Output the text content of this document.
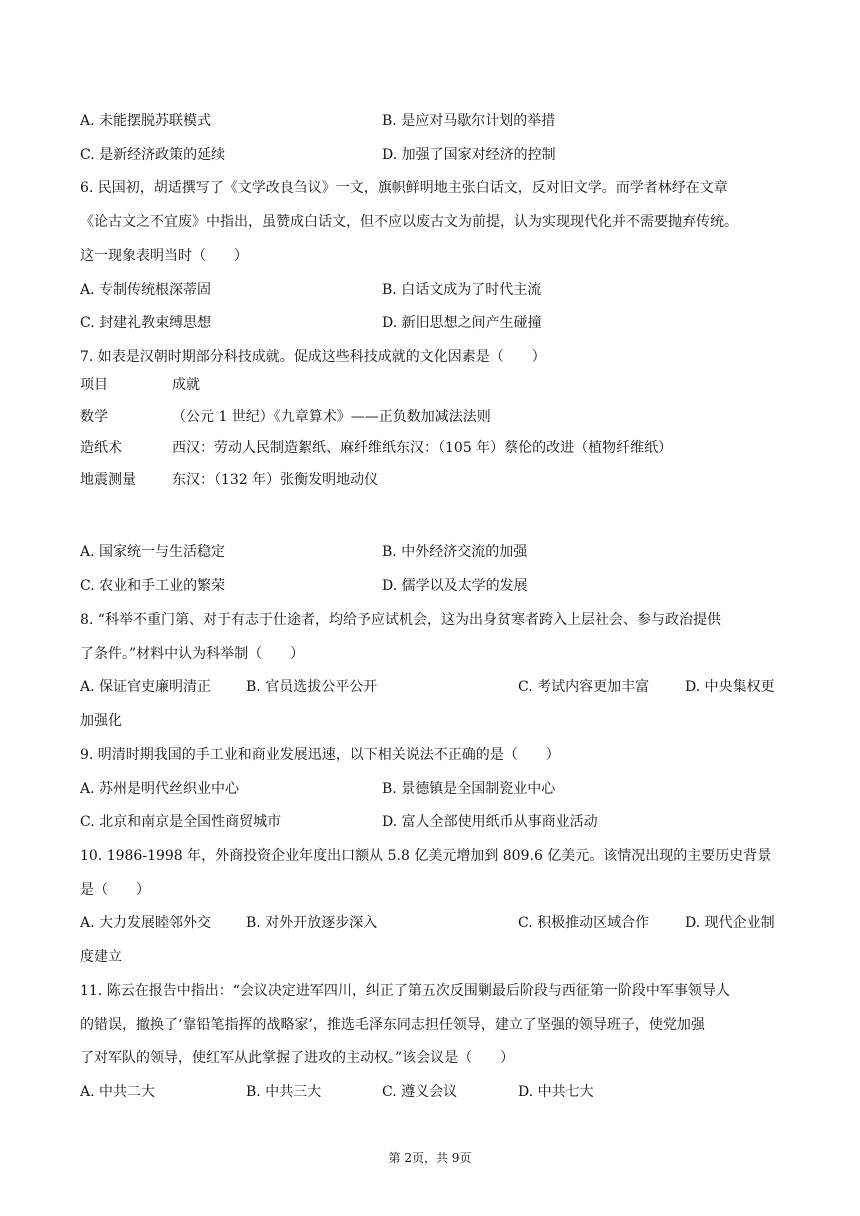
A. 未能摆脱苏联模式	B. 是应对马歇尔计划的举措
C. 是新经济政策的延续	D. 加强了国家对经济的控制
6. 民国初，胡适撰写了《文学改良刍议》一文，旗帜鲜明地主张白话文，反对旧文学。而学者林纾在文章
《论古文之不宜废》中指出，虽赞成白话文，但不应以废古文为前提，认为实现现代化并不需要抛弃传统。
这一现象表明当时（　　）
A. 专制传统根深蒂固	B. 白话文成为了时代主流
C. 封建礼教束缚思想	D. 新旧思想之间产生碰撞
7. 如表是汉朝时期部分科技成就。促成这些科技成就的文化因素是（　　）
项目	成就
数学	（公元 1 世纪）《九章算术》——正负数加减法法则
造纸术	西汉：劳动人民制造絮纸、麻纤维纸东汉：（105 年）蔡伦的改进（植物纤维纸）
地震测量	东汉：（132 年）张衡发明地动仪
A. 国家统一与生活稳定	B. 中外经济交流的加强
C. 农业和手工业的繁荣	D. 儒学以及太学的发展
8. “科举不重门第、对于有志于仕途者，均给予应试机会，这为出身贫寒者跨入上层社会、参与政治提供
了条件。”材料中认为科举制（　　）
A. 保证官吏廉明清正 B. 官员选拔公平公开	C. 考试内容更加丰富	D. 中央集权更
加强化
9. 明清时期我国的手工业和商业发展迅速，以下相关说法不正确的是（　　）
A. 苏州是明代丝织业中心	B. 景德镇是全国制瓷业中心
C. 北京和南京是全国性商贸城市	D. 富人全部使用纸币从事商业活动
10. 1986-1998 年，外商投资企业年度出口额从 5.8 亿美元增加到 809.6 亿美元。该情况出现的主要历史背景
是（　　）
A. 大力发展睦邻外交 B. 对外开放逐步深入	C. 积极推动区域合作	D. 现代企业制
度建立
11. 陈云在报告中指出：“会议决定进军四川，纠正了第五次反围剿最后阶段与西征第一阶段中军事领导人
的错误，撤换了‘靠铅笔指挥的战略家’，推选毛泽东同志担任领导，建立了坚强的领导班子，使党加强
了对军队的领导，使红军从此掌握了进攻的主动权。”该会议是（　　）
A. 中共二大	B. 中共三大	C. 遵义会议	D. 中共七大
第 2页，共 9页
